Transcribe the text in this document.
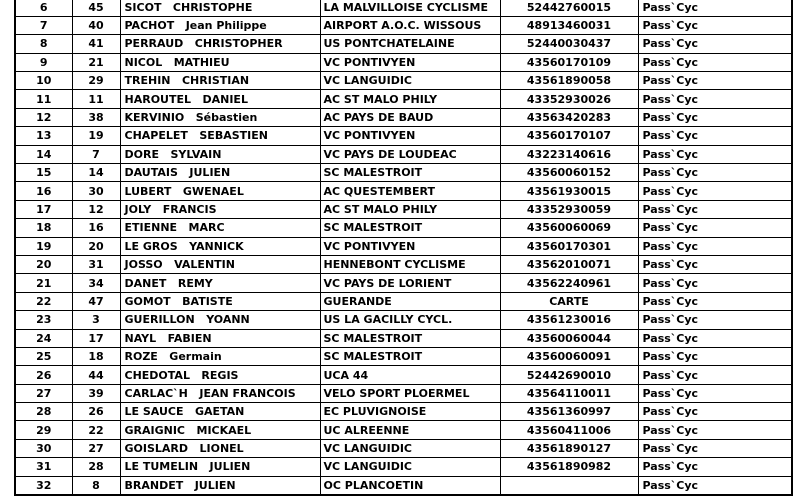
6	45	SICOT   CHRISTOPHE	LA MALVILLOISE CYCLISME	52442760015	Pass`Cyc
7	40	PACHOT   Jean Philippe	AIRPORT A.O.C. WISSOUS	48913460031	Pass`Cyc
8	41	PERRAUD   CHRISTOPHER	US PONTCHATELAINE	52440030437	Pass`Cyc
9	21	NICOL   MATHIEU	VC PONTIVYEN	43560170109	Pass`Cyc
10	29	TREHIN   CHRISTIAN	VC LANGUIDIC	43561890058	Pass`Cyc
11	11	HAROUTEL   DANIEL	AC ST MALO PHILY	43352930026	Pass`Cyc
12	38	KERVINIO   Sébastien	AC PAYS DE BAUD	43563420283	Pass`Cyc
13	19	CHAPELET   SEBASTIEN	VC PONTIVYEN	43560170107	Pass`Cyc
14	7	DORE   SYLVAIN	VC PAYS DE LOUDEAC	43223140616	Pass`Cyc
15	14	DAUTAIS   JULIEN	SC MALESTROIT	43560060152	Pass`Cyc
16	30	LUBERT   GWENAEL	AC QUESTEMBERT	43561930015	Pass`Cyc
17	12	JOLY   FRANCIS	AC ST MALO PHILY	43352930059	Pass`Cyc
18	16	ETIENNE   MARC	SC MALESTROIT	43560060069	Pass`Cyc
19	20	LE GROS   YANNICK	VC PONTIVYEN	43560170301	Pass`Cyc
20	31	JOSSO   VALENTIN	HENNEBONT CYCLISME	43562010071	Pass`Cyc
21	34	DANET   REMY	VC PAYS DE LORIENT	43562240961	Pass`Cyc
22	47	GOMOT   BATISTE	GUERANDE	CARTE	Pass`Cyc
23	3	GUERILLON   YOANN	US LA GACILLY CYCL.	43561230016	Pass`Cyc
24	17	NAYL   FABIEN	SC MALESTROIT	43560060044	Pass`Cyc
25	18	ROZE   Germain	SC MALESTROIT	43560060091	Pass`Cyc
26	44	CHEDOTAL   REGIS	UCA 44	52442690010	Pass`Cyc
27	39	CARLAC`H   JEAN FRANCOIS	VELO SPORT PLOERMEL	43564110011	Pass`Cyc
28	26	LE SAUCE   GAETAN	EC PLUVIGNOISE	43561360997	Pass`Cyc
29	22	GRAIGNIC   MICKAEL	UC ALREENNE	43560411006	Pass`Cyc
30	27	GOISLARD   LIONEL	VC LANGUIDIC	43561890127	Pass`Cyc
31	28	LE TUMELIN   JULIEN	VC LANGUIDIC	43561890982	Pass`Cyc
32	8	BRANDET   JULIEN	OC PLANCOETIN		Pass`Cyc
